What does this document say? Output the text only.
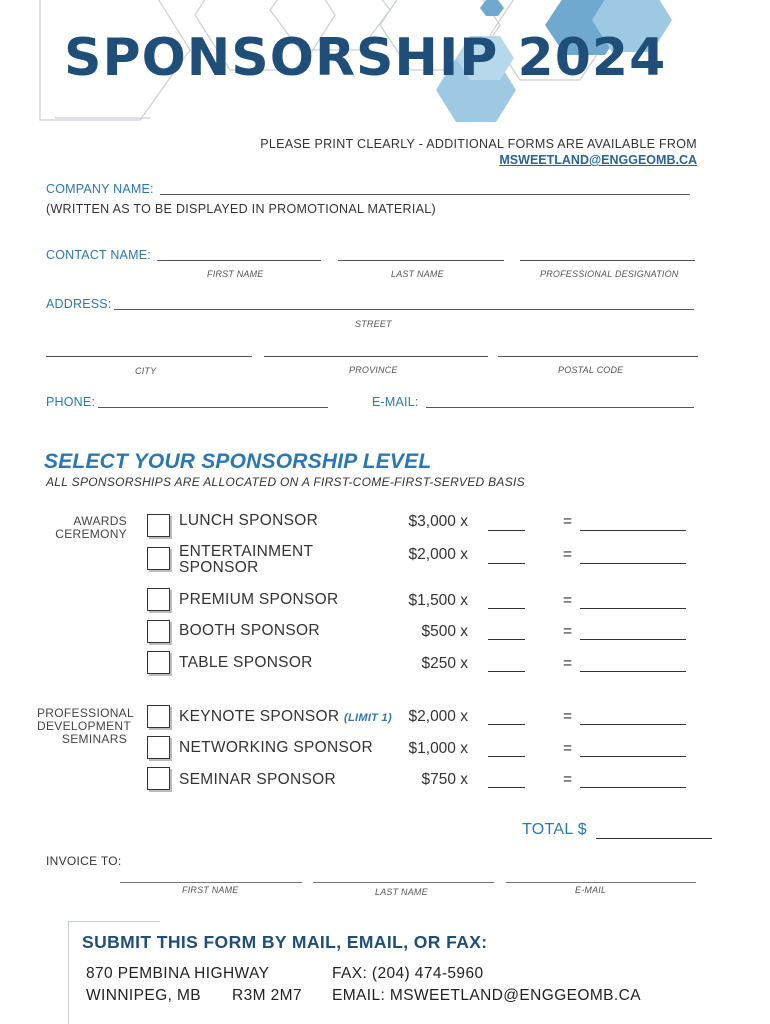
SPONSORSHIP 2024
PLEASE PRINT CLEARLY - ADDITIONAL FORMS ARE AVAILABLE FROM
MSWEETLAND@ENGGEOMB.CA
COMPANY NAME:
(WRITTEN AS TO BE DISPLAYED IN PROMOTIONAL MATERIAL)
CONTACT NAME:
FIRST NAME	LAST NAME	PROFESSIONAL DESIGNATION
ADDRESS:
STREET
CITY	PROVINCE	POSTAL CODE
PHONE:	E-MAIL:
SELECT YOUR SPONSORSHIP LEVEL
ALL SPONSORSHIPS ARE ALLOCATED ON A FIRST-COME-FIRST-SERVED BASIS
AWARDS
CEREMONY
PROFESSIONAL
DEVELOPMENT
SEMINARS
LUNCH SPONSOR	$3,000 x	=
ENTERTAINMENT
SPONSOR
$2,000 x	=
PREMIUM SPONSOR	$1,500 x	=
BOOTH SPONSOR	$500 x	=
TABLE SPONSOR	$250 x	=
KEYNOTE SPONSOR (LIMIT 1) $2,000 x	=
NETWORKING SPONSOR $1,000 x	=
SEMINAR SPONSOR	$750 x	=
TOTAL $
INVOICE TO:
FIRST NAME	LAST NAME	E-MAIL
SUBMIT THIS FORM BY MAIL, EMAIL, OR FAX:
870 PEMBINA HIGHWAY
WINNIPEG, MB R3M 2M7
FAX: (204) 474-5960
EMAIL: MSWEETLAND@ENGGEOMB.CA
